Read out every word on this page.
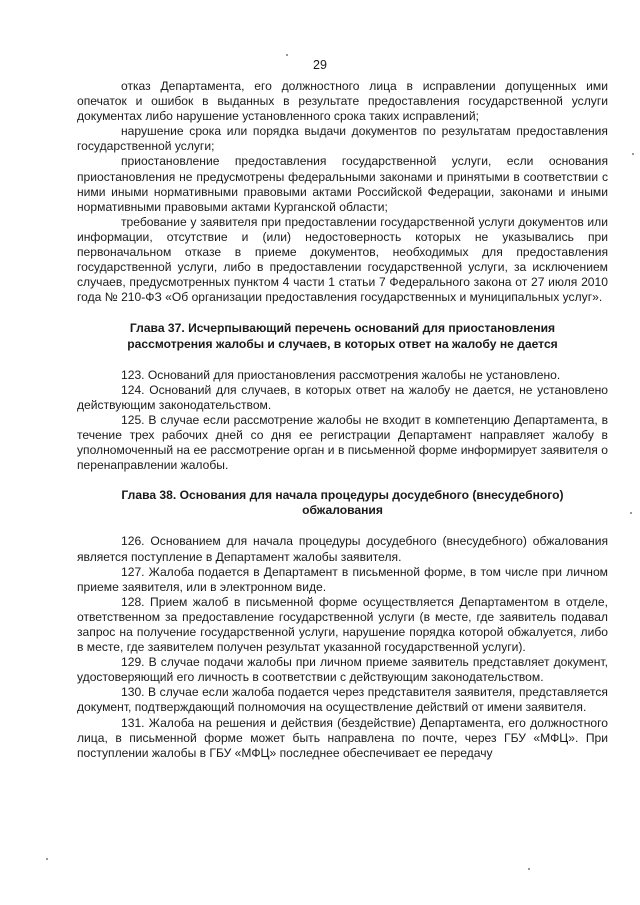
29

отказ Департамента, его должностного лица в исправлении допущенных ими опечаток и ошибок в выданных в результате предоставления государственной услуги документах либо нарушение установленного срока таких исправлений;

нарушение срока или порядка выдачи документов по результатам предоставления государственной услуги;

приостановление предоставления государственной услуги, если основания приостановления не предусмотрены федеральными законами и принятыми в соответствии с ними иными нормативными правовыми актами Российской Федерации, законами и иными нормативными правовыми актами Курганской области;

требование у заявителя при предоставлении государственной услуги документов или информации, отсутствие и (или) недостоверность которых не указывались при первоначальном отказе в приеме документов, необходимых для предоставления государственной услуги, либо в предоставлении государственной услуги, за исключением случаев, предусмотренных пунктом 4 части 1 статьи 7 Федерального закона от 27 июля 2010 года № 210-ФЗ «Об организации предоставления государственных и муниципальных услуг».

Глава 37. Исчерпывающий перечень оснований для приостановления рассмотрения жалобы и случаев, в которых ответ на жалобу не дается

123. Оснований для приостановления рассмотрения жалобы не установлено.

124. Оснований для случаев, в которых ответ на жалобу не дается, не установлено действующим законодательством.

125. В случае если рассмотрение жалобы не входит в компетенцию Департамента, в течение трех рабочих дней со дня ее регистрации Департамент направляет жалобу в уполномоченный на ее рассмотрение орган и в письменной форме информирует заявителя о перенаправлении жалобы.

Глава 38. Основания для начала процедуры досудебного (внесудебного) обжалования

126. Основанием для начала процедуры досудебного (внесудебного) обжалования является поступление в Департамент жалобы заявителя.

127. Жалоба подается в Департамент в письменной форме, в том числе при личном приеме заявителя, или в электронном виде.

128. Прием жалоб в письменной форме осуществляется Департаментом в отделе, ответственном за предоставление государственной услуги (в месте, где заявитель подавал запрос на получение государственной услуги, нарушение порядка которой обжалуется, либо в месте, где заявителем получен результат указанной государственной услуги).

129. В случае подачи жалобы при личном приеме заявитель представляет документ, удостоверяющий его личность в соответствии с действующим законодательством.

130. В случае если жалоба подается через представителя заявителя, представляется документ, подтверждающий полномочия на осуществление действий от имени заявителя.

131. Жалоба на решения и действия (бездействие) Департамента, его должностного лица, в письменной форме может быть направлена по почте, через ГБУ «МФЦ». При поступлении жалобы в ГБУ «МФЦ» последнее обеспечивает ее передачу
